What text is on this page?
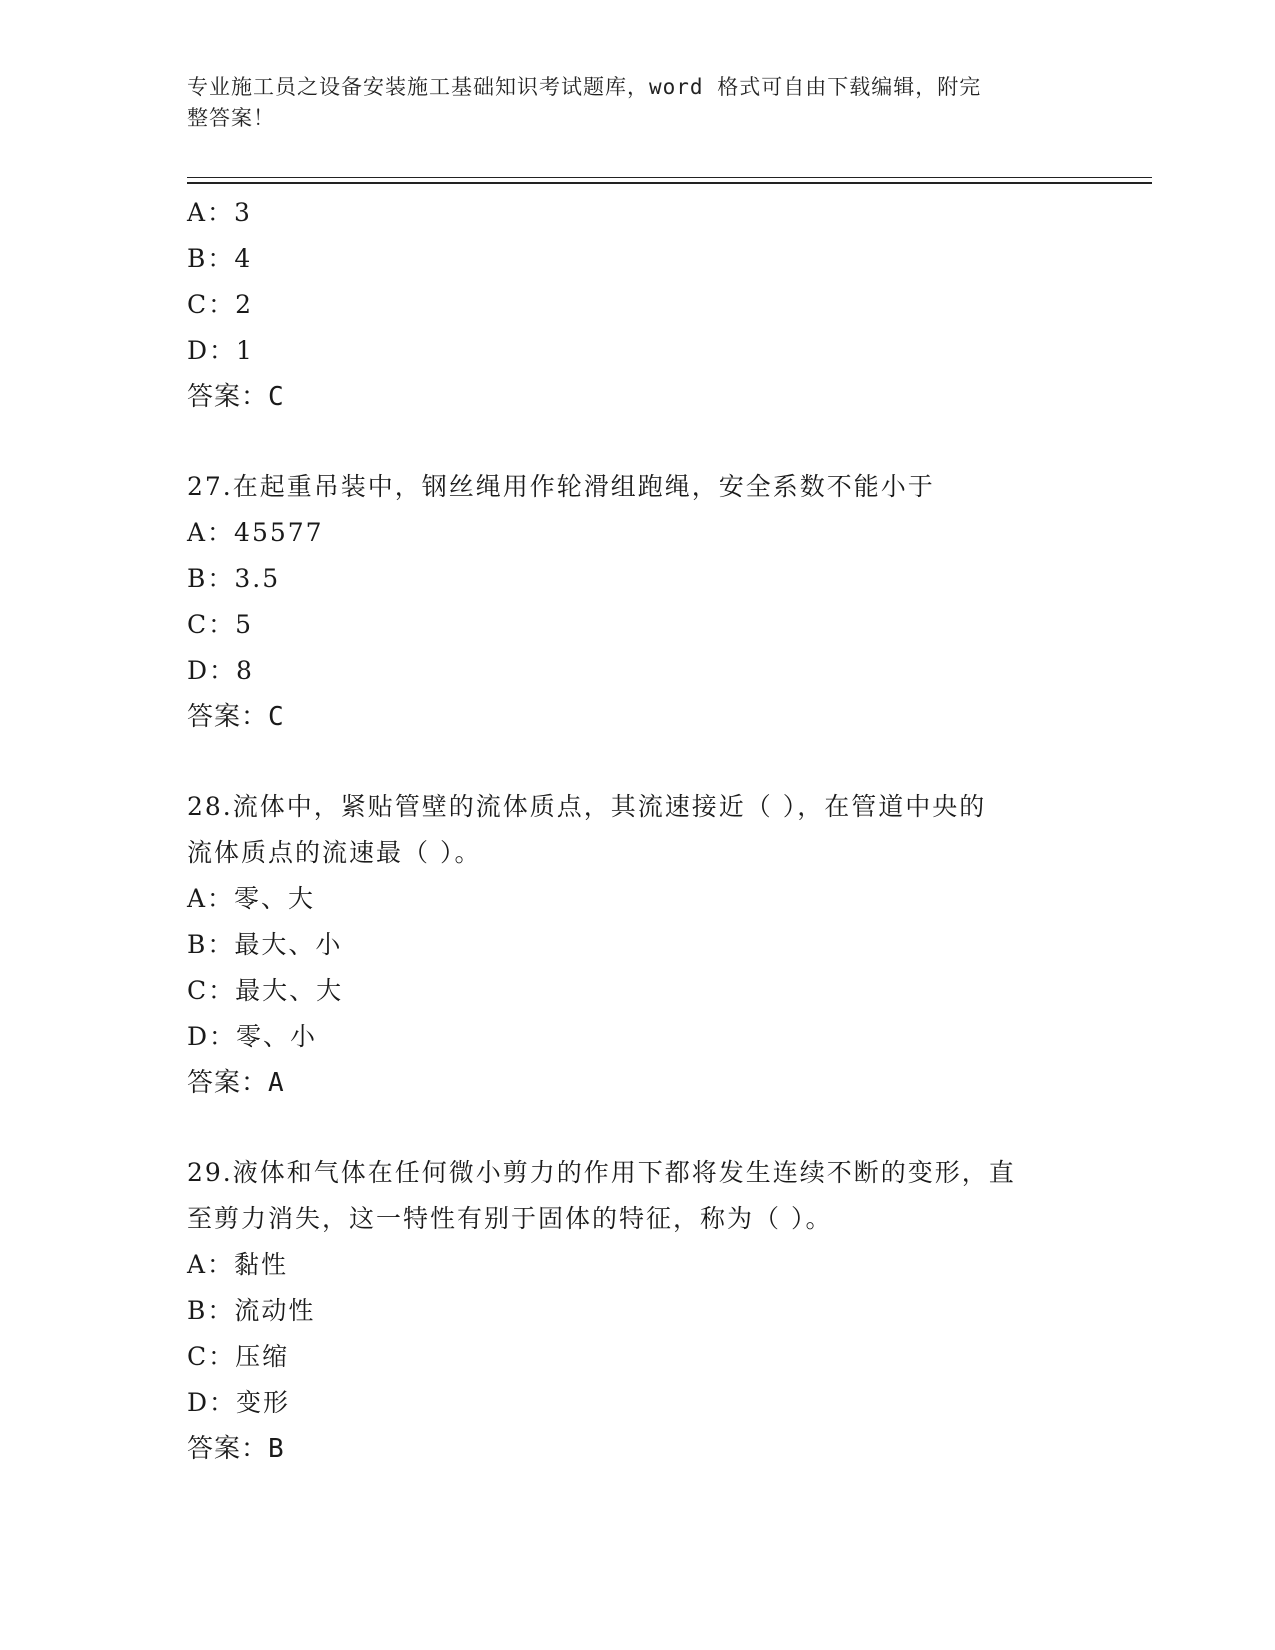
专业施工员之设备安装施工基础知识考试题库，word 格式可自由下载编辑，附完
整答案！
A：3
B：4
C：2
D：1
答案：C
27.在起重吊装中，钢丝绳用作轮滑组跑绳，安全系数不能小于
A：45577
B：3.5
C：5
D：8
答案：C
28.流体中，紧贴管壁的流体质点，其流速接近（ ），在管道中央的
流体质点的流速最（ ）。
A：零、大
B：最大、小
C：最大、大
D：零、小
答案：A
29.液体和气体在任何微小剪力的作用下都将发生连续不断的变形，直
至剪力消失，这一特性有别于固体的特征，称为（ ）。
A：黏性
B：流动性
C：压缩
D：变形
答案：B
